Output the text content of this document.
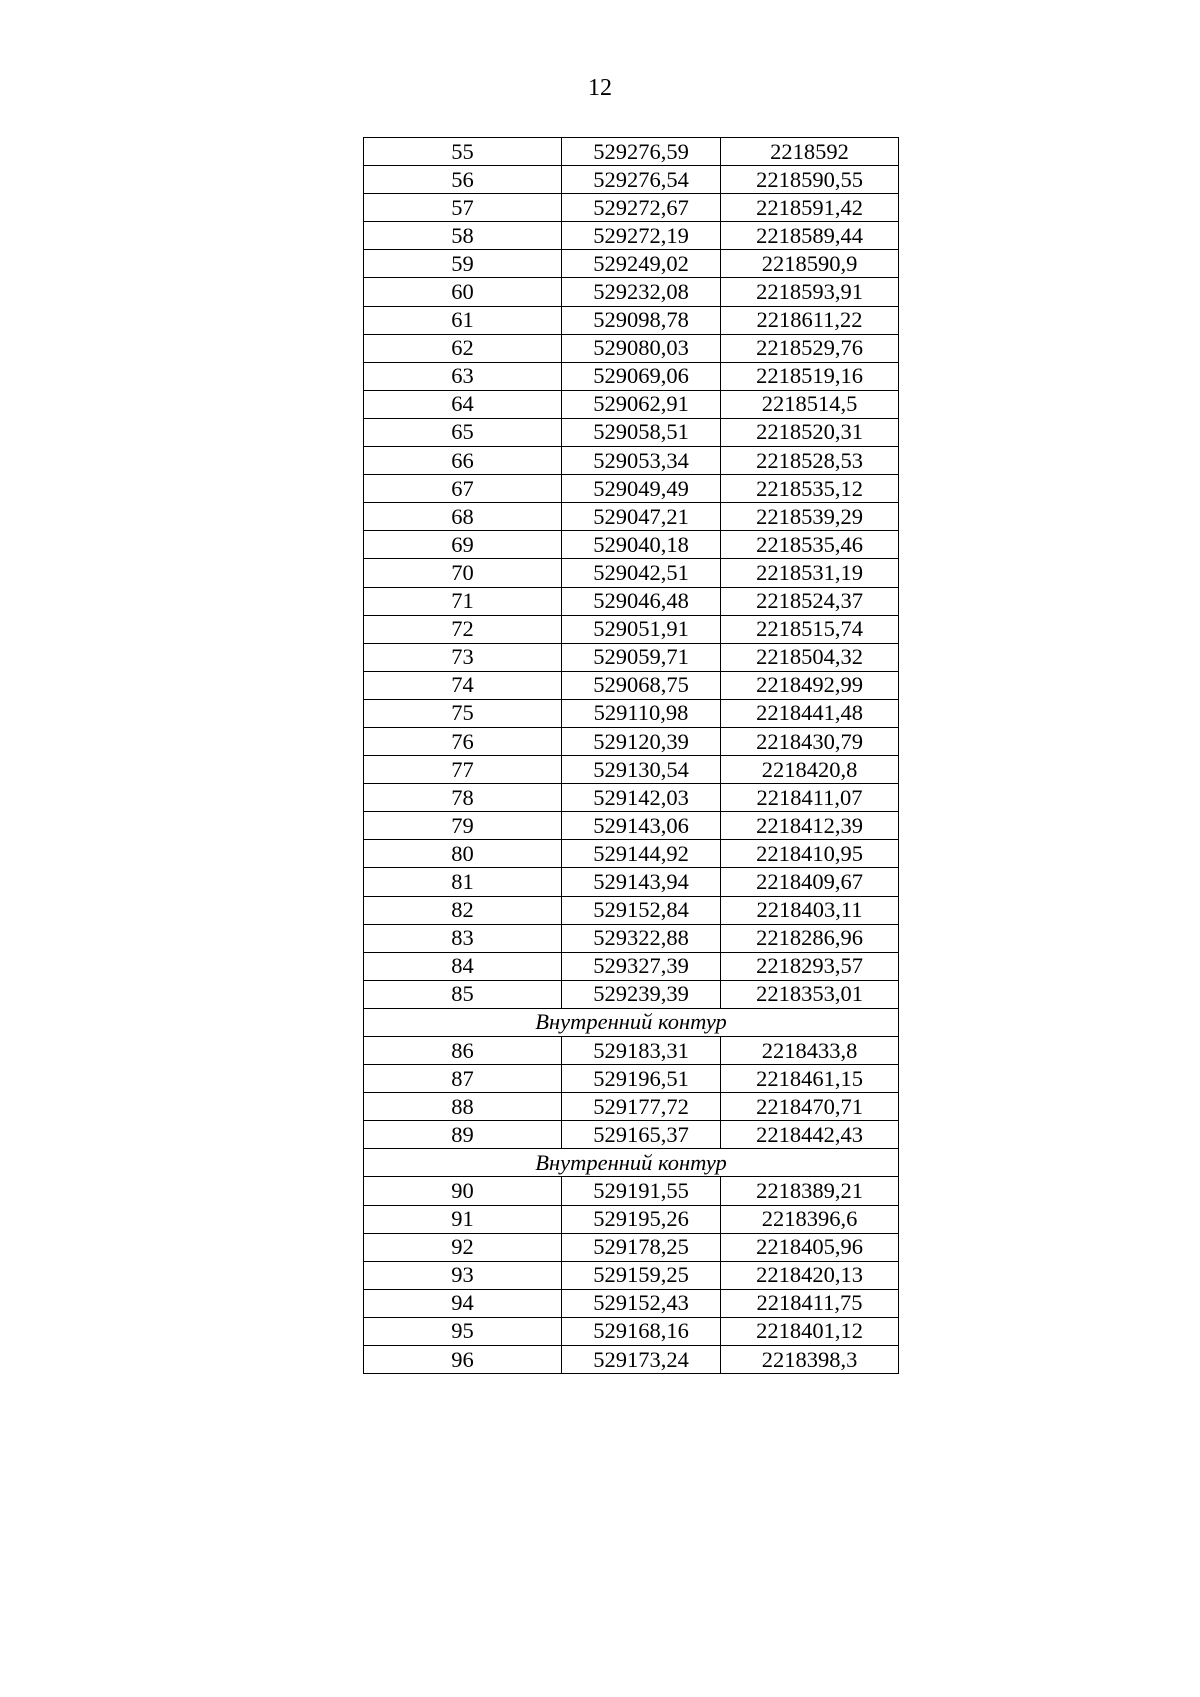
12
55	529276,59	2218592
56	529276,54	2218590,55
57	529272,67	2218591,42
58	529272,19	2218589,44
59	529249,02	2218590,9
60	529232,08	2218593,91
61	529098,78	2218611,22
62	529080,03	2218529,76
63	529069,06	2218519,16
64	529062,91	2218514,5
65	529058,51	2218520,31
66	529053,34	2218528,53
67	529049,49	2218535,12
68	529047,21	2218539,29
69	529040,18	2218535,46
70	529042,51	2218531,19
71	529046,48	2218524,37
72	529051,91	2218515,74
73	529059,71	2218504,32
74	529068,75	2218492,99
75	529110,98	2218441,48
76	529120,39	2218430,79
77	529130,54	2218420,8
78	529142,03	2218411,07
79	529143,06	2218412,39
80	529144,92	2218410,95
81	529143,94	2218409,67
82	529152,84	2218403,11
83	529322,88	2218286,96
84	529327,39	2218293,57
85	529239,39	2218353,01
Внутренний контур		
86	529183,31	2218433,8
87	529196,51	2218461,15
88	529177,72	2218470,71
89	529165,37	2218442,43
Внутренний контур		
90	529191,55	2218389,21
91	529195,26	2218396,6
92	529178,25	2218405,96
93	529159,25	2218420,13
94	529152,43	2218411,75
95	529168,16	2218401,12
96	529173,24	2218398,3
